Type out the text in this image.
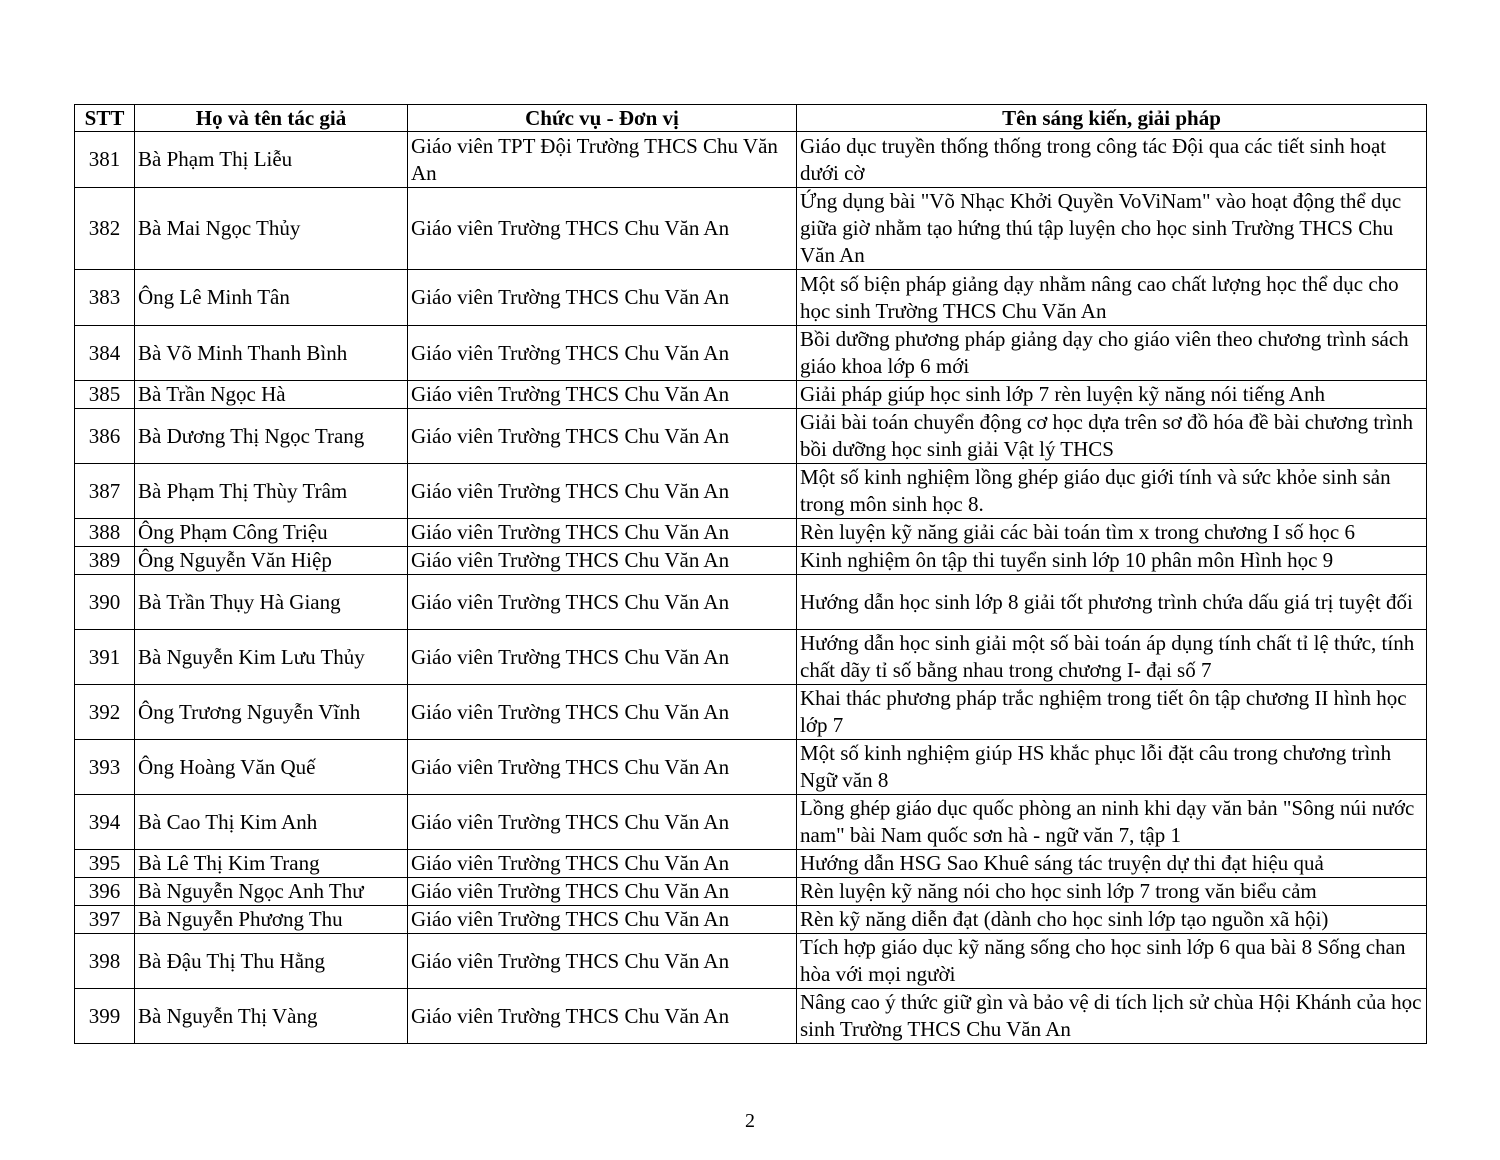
STT	Họ và tên tác giả	Chức vụ - Đơn vị	Tên sáng kiến, giải pháp
381	Bà Phạm Thị Liễu	Giáo viên TPT Đội Trường THCS Chu Văn An	Giáo dục truyền thống thống trong công tác Đội qua các tiết sinh hoạt dưới cờ
382	Bà Mai Ngọc Thủy	Giáo viên Trường THCS Chu Văn An	Ứng dụng bài "Võ Nhạc Khởi Quyền VoViNam" vào hoạt động thể dục giữa giờ nhằm tạo hứng thú tập luyện cho học sinh Trường THCS Chu Văn An
383	Ông Lê Minh Tân	Giáo viên Trường THCS Chu Văn An	Một số biện pháp giảng dạy nhằm nâng cao chất lượng học thể dục cho học sinh Trường THCS Chu Văn An
384	Bà Võ Minh Thanh Bình	Giáo viên Trường THCS Chu Văn An	Bồi dưỡng phương pháp giảng dạy cho giáo viên theo chương trình sách giáo khoa lớp 6 mới
385	Bà Trần Ngọc Hà	Giáo viên Trường THCS Chu Văn An	Giải pháp giúp học sinh lớp 7 rèn luyện kỹ năng nói tiếng Anh
386	Bà Dương Thị Ngọc Trang	Giáo viên Trường THCS Chu Văn An	Giải bài toán chuyển động cơ học dựa trên sơ đồ hóa đề bài chương trình bồi dưỡng học sinh giải Vật lý THCS
387	Bà Phạm Thị Thùy Trâm	Giáo viên Trường THCS Chu Văn An	Một số kinh nghiệm lồng ghép giáo dục giới tính và sức khỏe sinh sản trong môn sinh học 8.
388	Ông Phạm Công Triệu	Giáo viên Trường THCS Chu Văn An	Rèn luyện kỹ năng giải các bài toán tìm x trong chương I số học 6
389	Ông Nguyễn Văn Hiệp	Giáo viên Trường THCS Chu Văn An	Kinh nghiệm ôn tập thi tuyển sinh lớp 10 phân môn Hình học 9
390	Bà Trần Thụy Hà Giang	Giáo viên Trường THCS Chu Văn An	Hướng dẫn học sinh lớp 8 giải tốt phương trình chứa dấu giá trị tuyệt đối
391	Bà Nguyễn Kim Lưu Thủy	Giáo viên Trường THCS Chu Văn An	Hướng dẫn học sinh giải một số bài toán áp dụng tính chất tỉ lệ thức, tính chất dãy tỉ số bằng nhau trong chương I- đại số 7
392	Ông Trương Nguyễn Vĩnh	Giáo viên Trường THCS Chu Văn An	Khai thác phương pháp trắc nghiệm trong tiết ôn tập chương II hình học lớp 7
393	Ông Hoàng Văn Quế	Giáo viên Trường THCS Chu Văn An	Một số kinh nghiệm giúp HS khắc phục lỗi đặt câu trong chương trình Ngữ văn 8
394	Bà Cao Thị Kim Anh	Giáo viên Trường THCS Chu Văn An	Lồng ghép giáo dục quốc phòng an ninh khi dạy văn bản "Sông núi nước nam" bài Nam quốc sơn hà - ngữ văn 7, tập 1
395	Bà Lê Thị Kim Trang	Giáo viên Trường THCS Chu Văn An	Hướng dẫn HSG Sao Khuê sáng tác truyện dự thi đạt hiệu quả
396	Bà Nguyễn Ngọc Anh Thư	Giáo viên Trường THCS Chu Văn An	Rèn luyện kỹ năng nói cho học sinh lớp 7 trong văn biểu cảm
397	Bà Nguyễn Phương Thu	Giáo viên Trường THCS Chu Văn An	Rèn kỹ năng diễn đạt (dành cho học sinh lớp tạo nguồn xã hội)
398	Bà Đậu Thị Thu Hằng	Giáo viên Trường THCS Chu Văn An	Tích hợp giáo dục kỹ năng sống cho học sinh lớp 6 qua bài 8 Sống chan hòa với mọi người
399	Bà Nguyễn Thị Vàng	Giáo viên Trường THCS Chu Văn An	Nâng cao ý thức giữ gìn và bảo vệ di tích lịch sử chùa Hội Khánh của học sinh Trường THCS Chu Văn An
2
